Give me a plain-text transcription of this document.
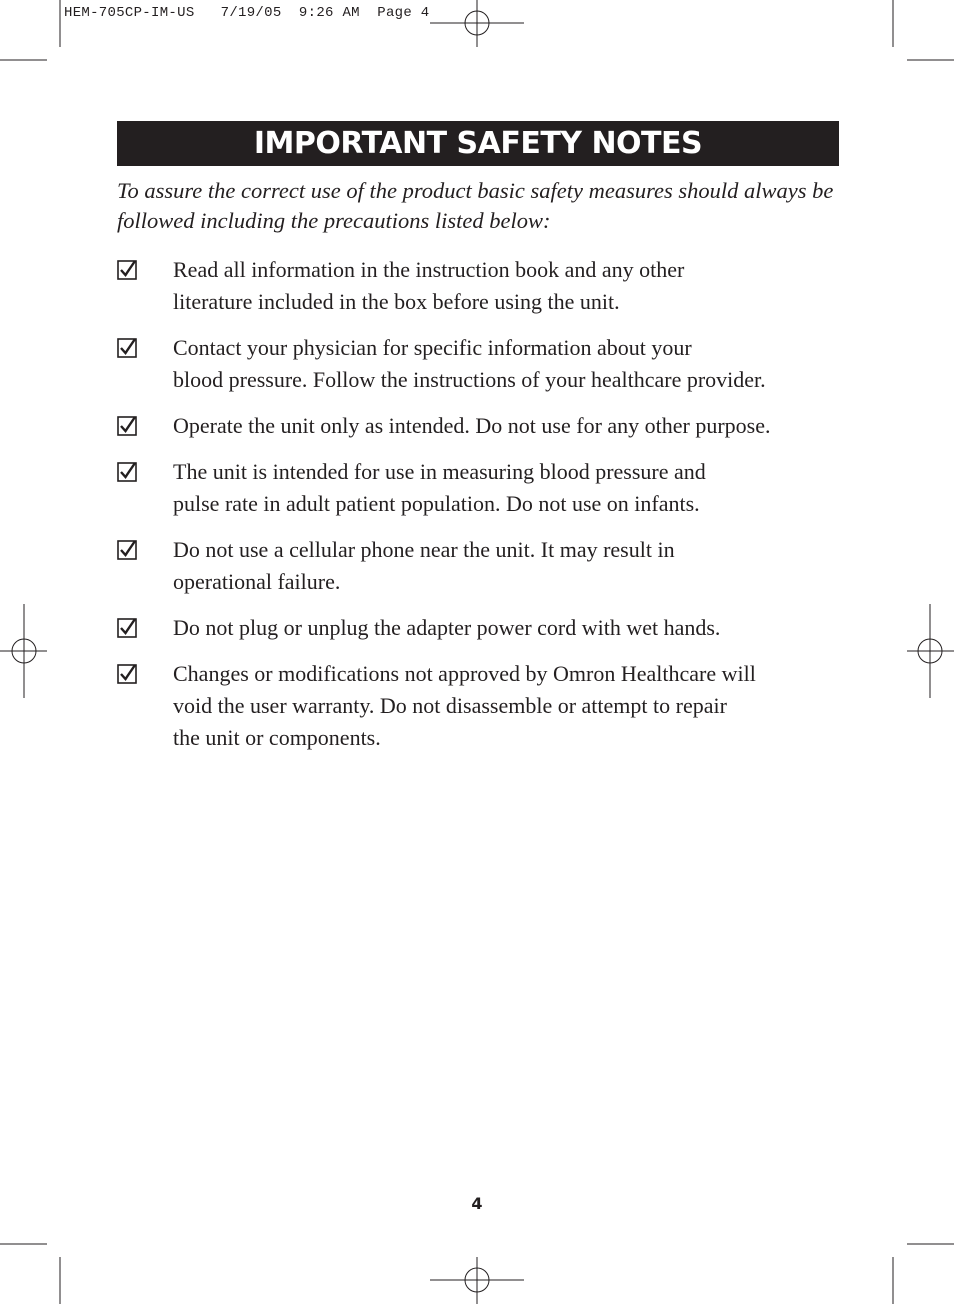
HEM-705CP-IM-US   7/19/05  9:26 AM  Page 4
IMPORTANT SAFETY NOTES

To assure the correct use of the product basic safety measures should always be followed including the precautions listed below:

Read all information in the instruction book and any other
literature included in the box before using the unit.
Contact your physician for specific information about your
blood pressure. Follow the instructions of your healthcare provider.
Operate the unit only as intended. Do not use for any other purpose.
The unit is intended for use in measuring blood pressure and
pulse rate in adult patient population. Do not use on infants.
Do not use a cellular phone near the unit. It may result in
operational failure.
Do not plug or unplug the adapter power cord with wet hands.
Changes or modifications not approved by Omron Healthcare will
void the user warranty. Do not disassemble or attempt to repair
the unit or components.
4
